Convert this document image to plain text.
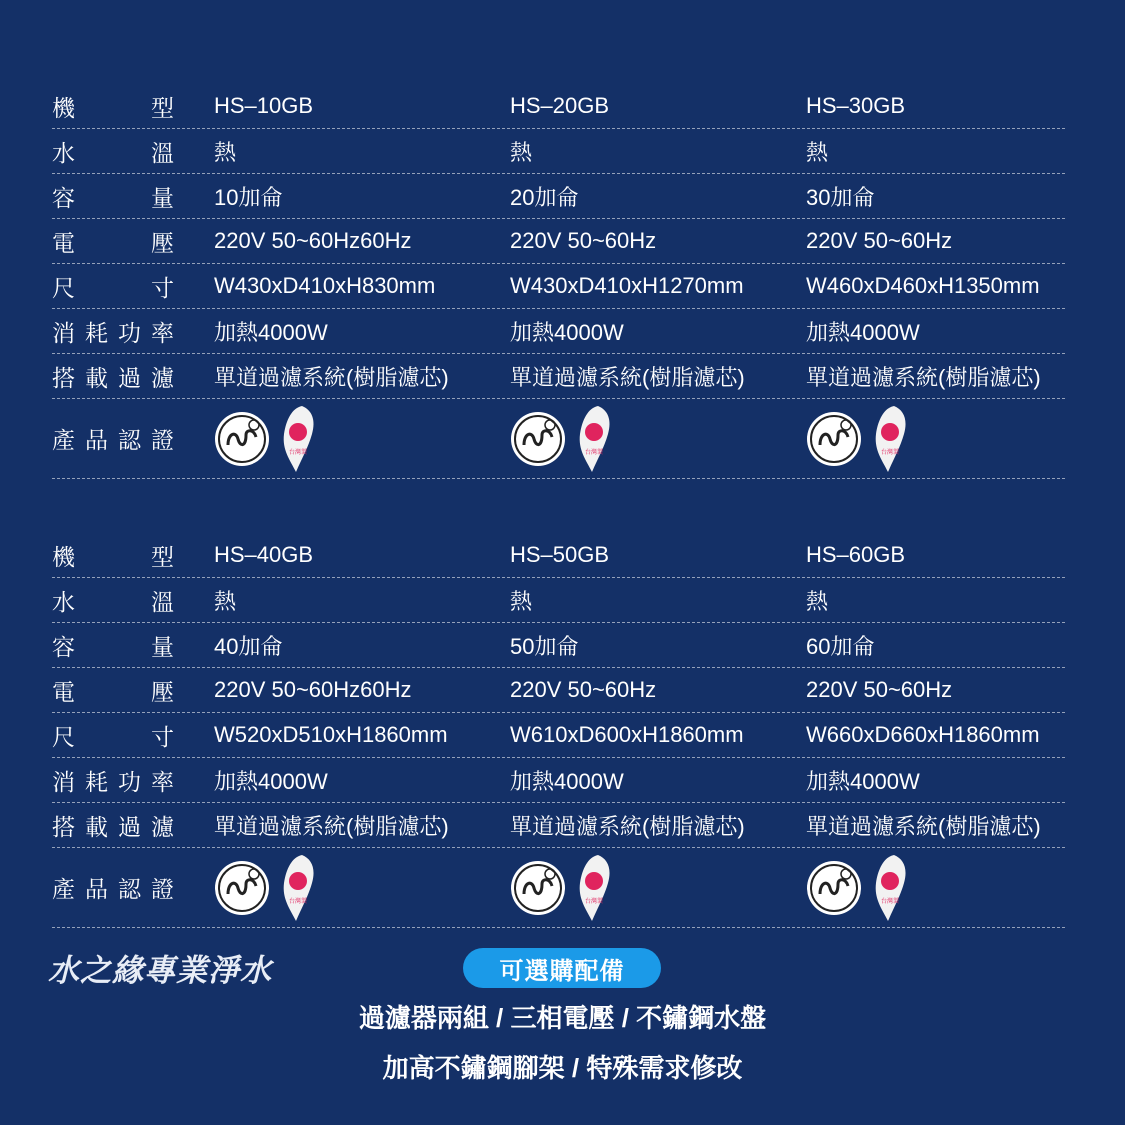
機	型 HS–10GB	HS–20GB	HS–30GB
水	溫 熱	熱	熱
容	量 10加侖	20加侖	30加侖
電	壓 220V 50~60Hz60Hz	220V 50~60Hz	220V 50~60Hz
尺	寸 W430xD410xH830mm	W430xD410xH1270mm	W460xD460xH1350mm
消 耗 功 率 加熱4000W	加熱4000W	加熱4000W
搭 載 過 濾 單道過濾系統(樹脂濾芯)	單道過濾系統(樹脂濾芯)	單道過濾系統(樹脂濾芯)
產 品 認 證	台灣製	台灣製	台灣製
機	型 HS–40GB	HS–50GB	HS–60GB
水	溫 熱	熱	熱
容	量 40加侖	50加侖	60加侖
電	壓 220V 50~60Hz60Hz	220V 50~60Hz	220V 50~60Hz
尺	寸 W520xD510xH1860mm	W610xD600xH1860mm	W660xD660xH1860mm
消 耗 功 率 加熱4000W	加熱4000W	加熱4000W
搭 載 過 濾 單道過濾系統(樹脂濾芯)	單道過濾系統(樹脂濾芯)	單道過濾系統(樹脂濾芯)
產 品 認 證	台灣製	台灣製	台灣製
水之緣專業淨水	可選購配備
過濾器兩組 / 三相電壓 / 不鏽鋼水盤
加高不鏽鋼腳架 / 特殊需求修改
